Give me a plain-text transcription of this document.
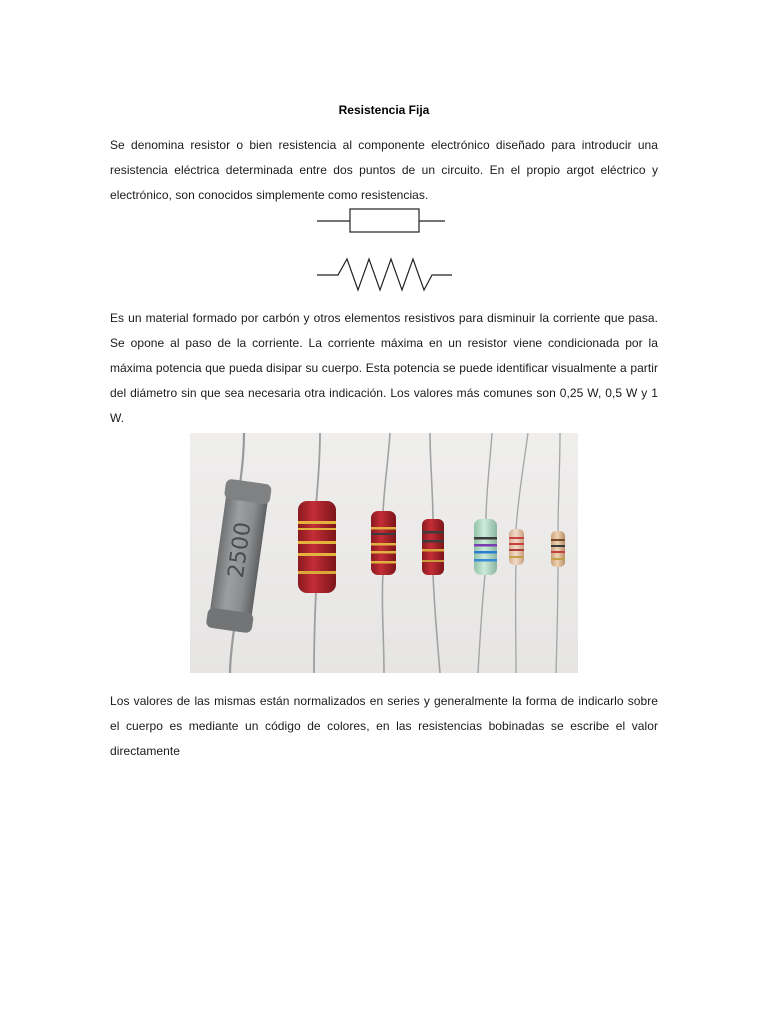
Resistencia Fija

Se denomina resistor o bien resistencia al componente electrónico diseñado para introducir una resistencia eléctrica determinada entre dos puntos de un circuito. En el propio argot eléctrico y electrónico, son conocidos simplemente como resistencias.

Es un material formado por carbón y otros elementos resistivos para disminuir la corriente que pasa. Se opone al paso de la corriente. La corriente máxima en un resistor viene condicionada por la máxima potencia que pueda disipar su cuerpo. Esta potencia se puede identificar visualmente a partir del diámetro sin que sea necesaria otra indicación. Los valores más comunes son 0,25 W, 0,5 W y 1 W.

2500

Los valores de las mismas están normalizados en series y generalmente la forma de indicarlo sobre el cuerpo es mediante un código de colores, en las resistencias bobinadas se escribe el valor directamente
